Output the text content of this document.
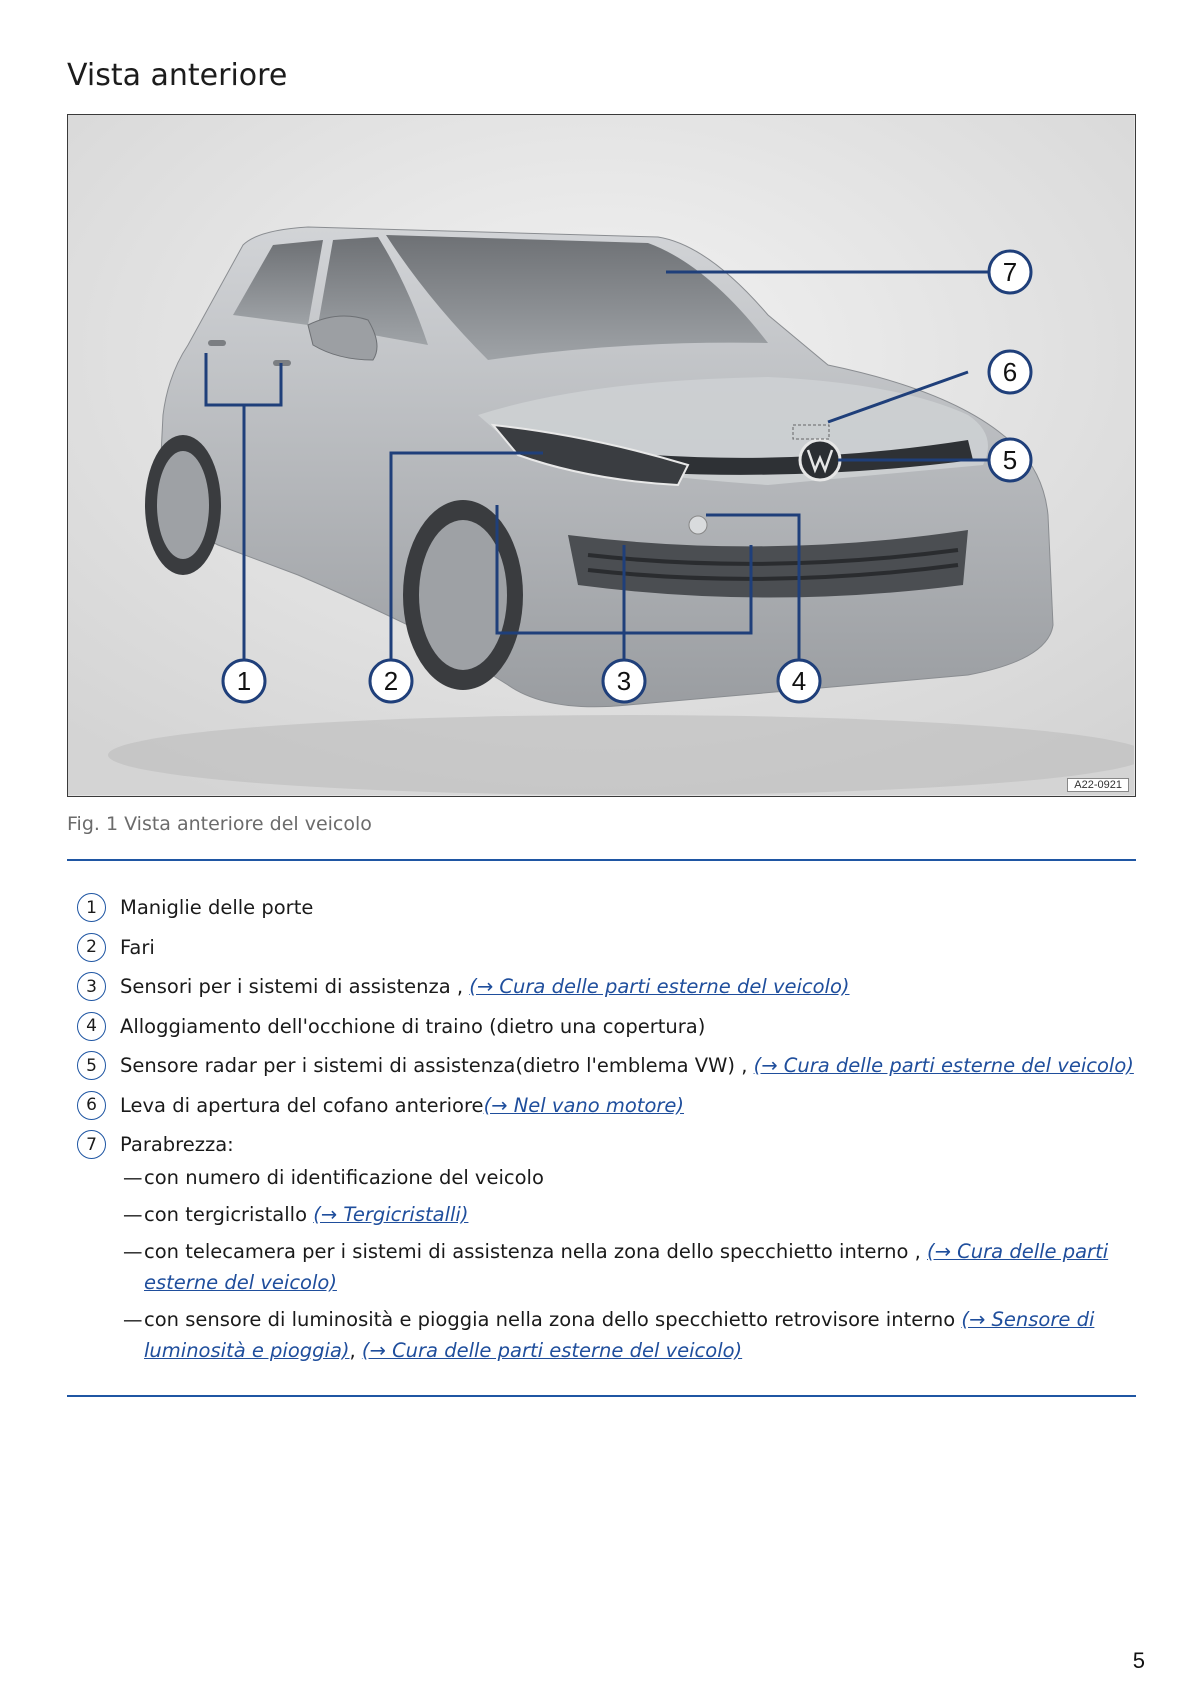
Vista anteriore
1	2	3	4
5
6
7
A22-0921
Fig. 1 Vista anteriore del veicolo
1	Maniglie delle porte
2	Fari
3	Sensori per i sistemi di assistenza ,
(→ Cura delle parti esterne del veicolo)
4	Alloggiamento dell'occhione di traino (dietro una copertura)
5	Sensore radar per i sistemi di assistenza(dietro l'emblema VW) ,
(→ Cura delle parti esterne del veicolo)
6	Leva di apertura del cofano anteriore (→ Nel vano motore)
7	Parabrezza:
—con numero di identificazione del veicolo
—con tergicristallo (→ Tergicristalli)
—con telecamera per i sistemi di assistenza nella zona dello specchietto interno , (→ Cura delle parti esterne del veicolo)
—con sensore di luminosità e pioggia nella zona dello specchietto retrovisore interno (→ Sensore di luminosità e pioggia), (→ Cura delle parti esterne del veicolo)
5
